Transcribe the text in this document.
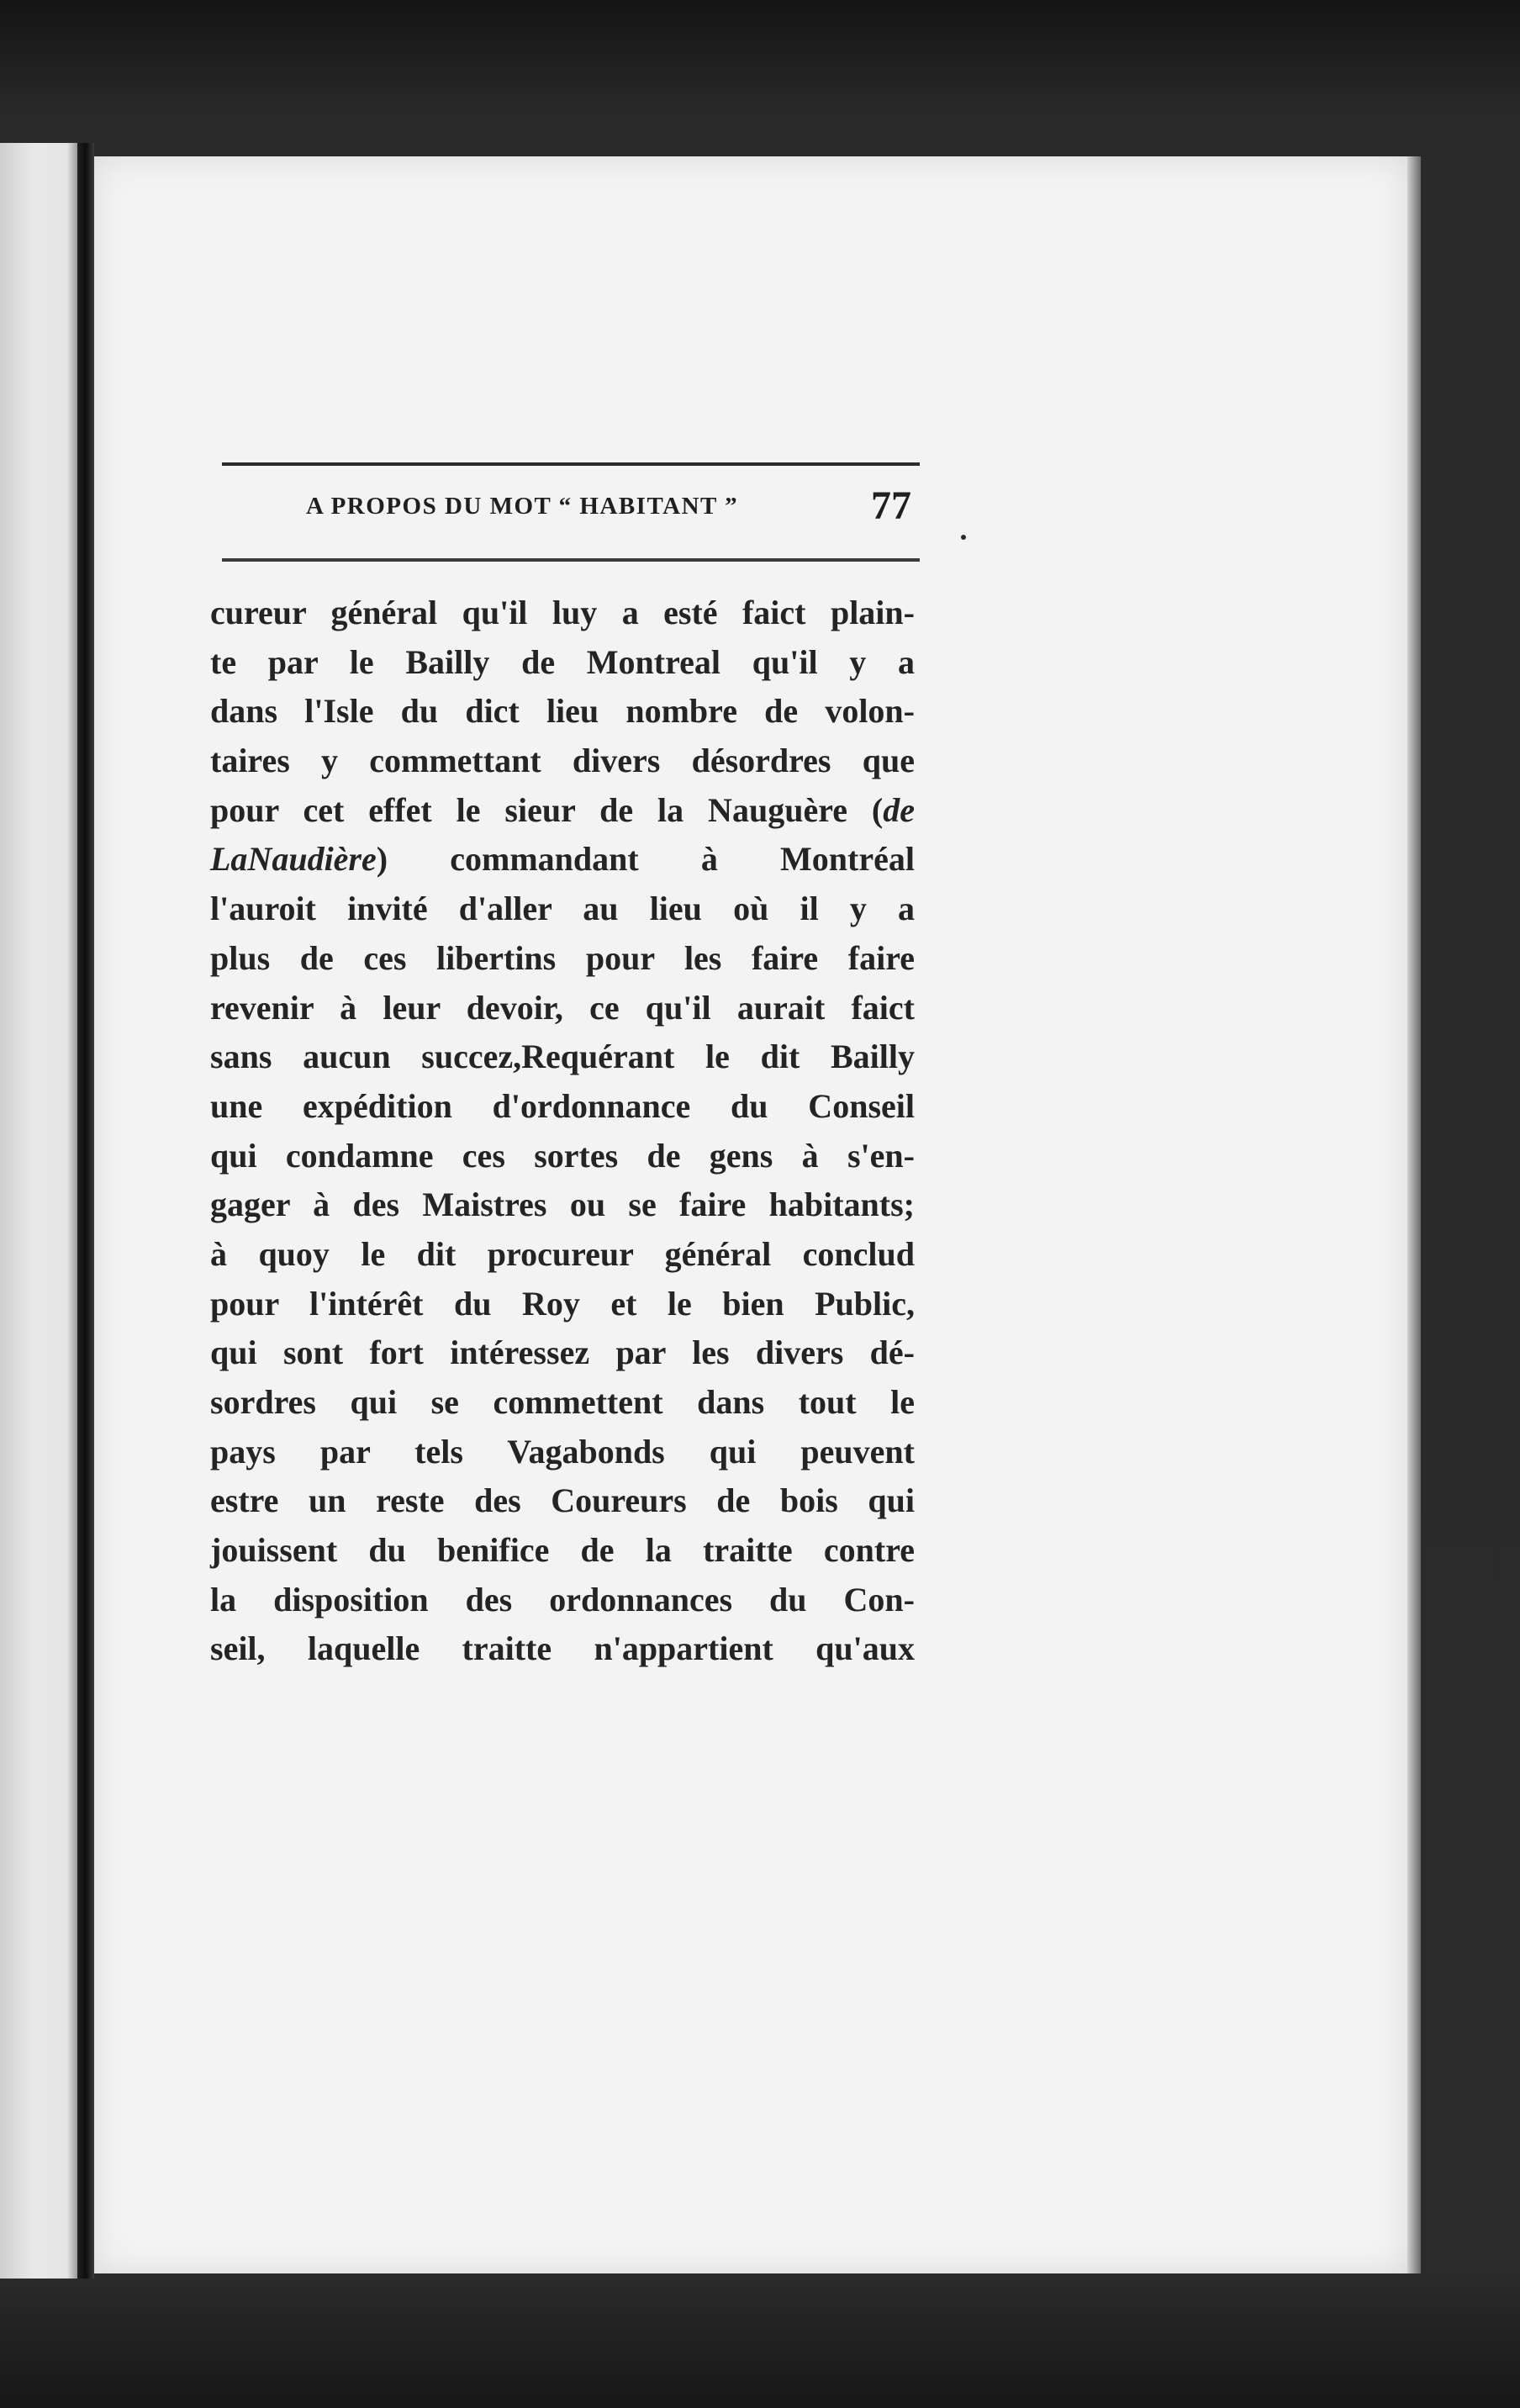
A PROPOS DU MOT “ HABITANT ”	77
cureur général qu'il luy a esté faict plain-
te par le Bailly de Montreal qu'il y a
dans l'Isle du dict lieu nombre de volon-
taires y commettant divers désordres que
pour cet effet le sieur de la Nauguère (de
LaNaudière) commandant à Montréal
l'auroit invité d'aller au lieu où il y a
plus de ces libertins pour les faire faire
revenir à leur devoir, ce qu'il aurait faict
sans aucun succez,Requérant le dit Bailly
une expédition d'ordonnance du Conseil
qui condamne ces sortes de gens à s'en-
gager à des Maistres ou se faire habitants;
à quoy le dit procureur général conclud
pour l'intérêt du Roy et le bien Public,
qui sont fort intéressez par les divers dé-
sordres qui se commettent dans tout le
pays par tels Vagabonds qui peuvent
estre un reste des Coureurs de bois qui
jouissent du benifice de la traitte contre
la disposition des ordonnances du Con-
seil, laquelle traitte n'appartient qu'aux
